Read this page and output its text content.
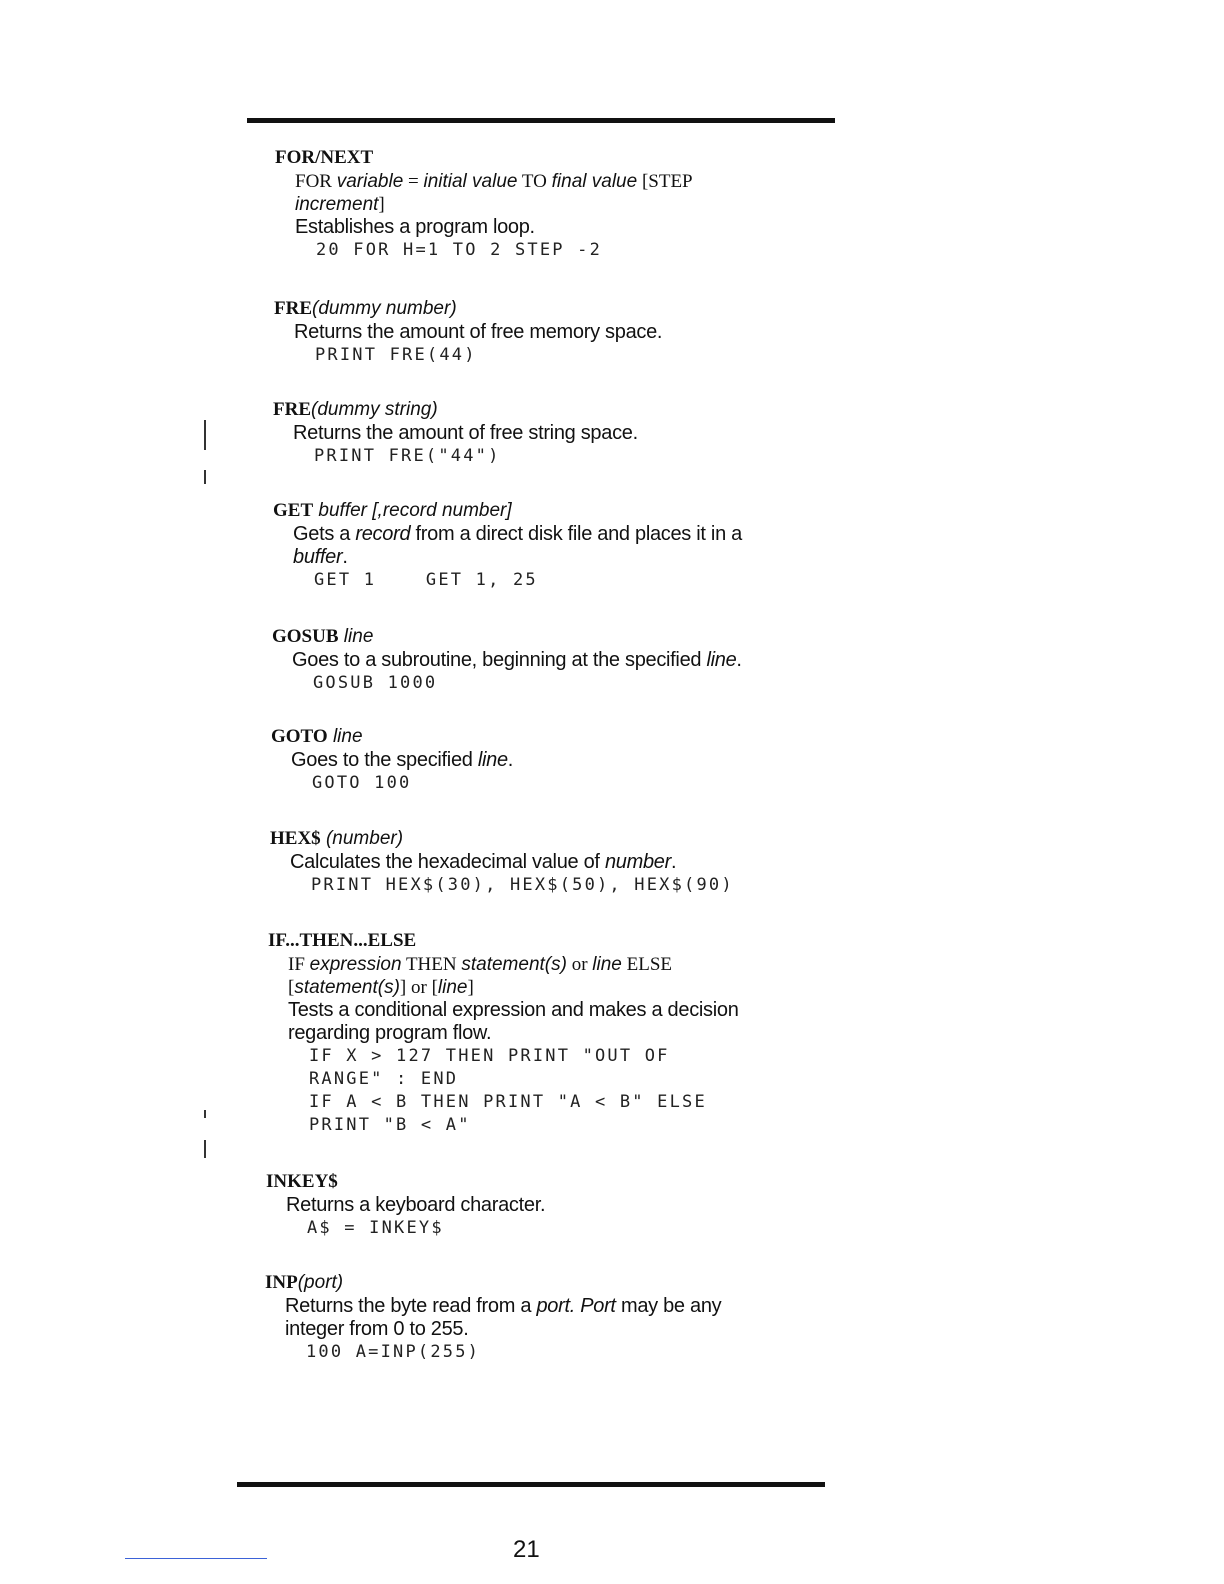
FOR/NEXT
FOR variable = initial value TO final value [STEP
increment]
Establishes a program loop.
20 FOR H=1 TO 2 STEP -2
FRE(dummy number)
Returns the amount of free memory space.
PRINT FRE(44)
FRE(dummy string)
Returns the amount of free string space.
PRINT FRE("44")
GET buffer [,record number]
Gets a record from a direct disk file and places it in a buffer.
GET 1    GET 1, 25
GOSUB line
Goes to a subroutine, beginning at the specified line.
GOSUB 1000
GOTO line
Goes to the specified line.
GOTO 100
HEX$ (number)
Calculates the hexadecimal value of number.
PRINT HEX$(30), HEX$(50), HEX$(90)
IF...THEN...ELSE
IF expression THEN statement(s) or line ELSE
[statement(s)] or [line]
Tests a conditional expression and makes a decision regarding program flow.
IF X > 127 THEN PRINT "OUT OF
RANGE" : END
IF A < B THEN PRINT "A < B" ELSE
PRINT "B < A"
INKEY$
Returns a keyboard character.
A$ = INKEY$
INP(port)
Returns the byte read from a port. Port may be any integer from 0 to 255.
100 A=INP(255)
21
